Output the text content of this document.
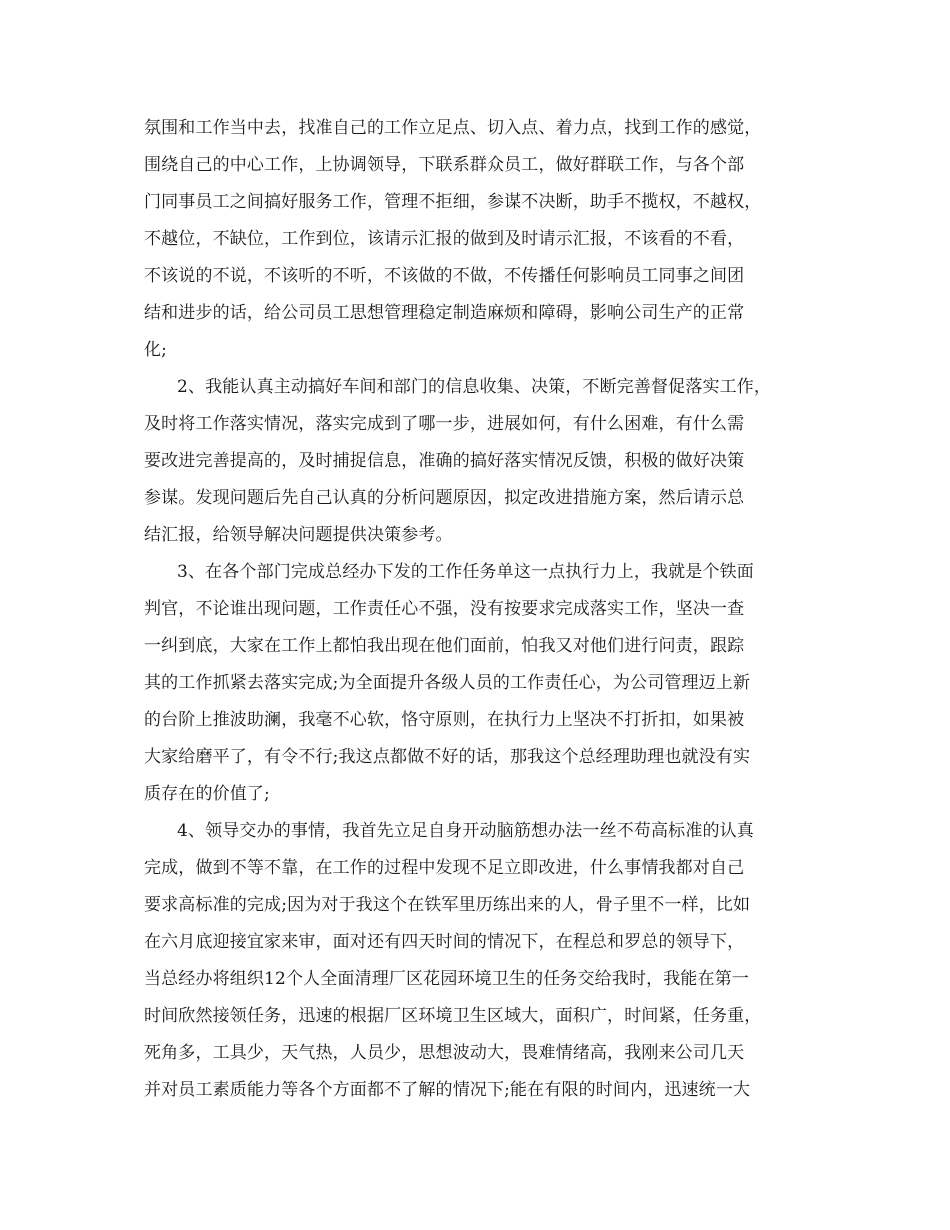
氛围和工作当中去，找准自己的工作立足点、切入点、着力点，找到工作的感觉，
围绕自己的中心工作，上协调领导，下联系群众员工，做好群联工作，与各个部
门同事员工之间搞好服务工作，管理不拒细，参谋不决断，助手不揽权，不越权，
不越位，不缺位，工作到位，该请示汇报的做到及时请示汇报，不该看的不看，
不该说的不说，不该听的不听，不该做的不做，不传播任何影响员工同事之间团
结和进步的话，给公司员工思想管理稳定制造麻烦和障碍，影响公司生产的正常
化;
2、我能认真主动搞好车间和部门的信息收集、决策，不断完善督促落实工作，
及时将工作落实情况，落实完成到了哪一步，进展如何，有什么困难，有什么需
要改进完善提高的，及时捕捉信息，准确的搞好落实情况反馈，积极的做好决策
参谋。发现问题后先自己认真的分析问题原因，拟定改进措施方案，然后请示总
结汇报，给领导解决问题提供决策参考。
3、在各个部门完成总经办下发的工作任务单这一点执行力上，我就是个铁面
判官，不论谁出现问题，工作责任心不强，没有按要求完成落实工作，坚决一查
一纠到底，大家在工作上都怕我出现在他们面前，怕我又对他们进行问责，跟踪
其的工作抓紧去落实完成;为全面提升各级人员的工作责任心，为公司管理迈上新
的台阶上推波助澜，我毫不心软，恪守原则，在执行力上坚决不打折扣，如果被
大家给磨平了，有令不行;我这点都做不好的话，那我这个总经理助理也就没有实
质存在的价值了;
4、领导交办的事情，我首先立足自身开动脑筋想办法一丝不苟高标准的认真
完成，做到不等不靠，在工作的过程中发现不足立即改进，什么事情我都对自己
要求高标准的完成;因为对于我这个在铁军里历练出来的人，骨子里不一样，比如
在六月底迎接宜家来审，面对还有四天时间的情况下，在程总和罗总的领导下，
当总经办将组织12个人全面清理厂区花园环境卫生的任务交给我时，我能在第一
时间欣然接领任务，迅速的根据厂区环境卫生区域大，面积广，时间紧，任务重，
死角多，工具少，天气热，人员少，思想波动大，畏难情绪高，我刚来公司几天
并对员工素质能力等各个方面都不了解的情况下;能在有限的时间内，迅速统一大
